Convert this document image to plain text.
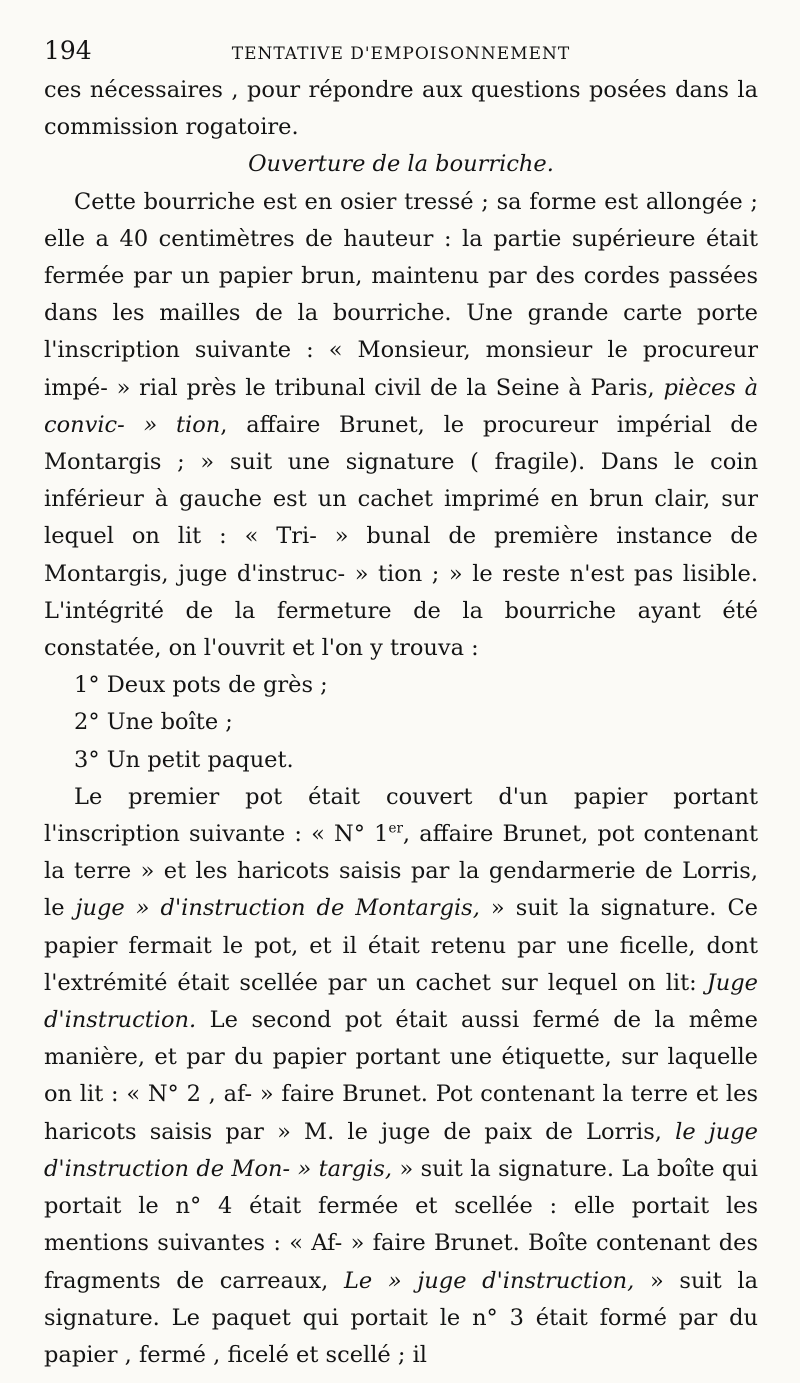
194	TENTATIVE D'EMPOISONNEMENT

ces nécessaires , pour répondre aux questions posées dans la commission rogatoire.

Ouverture de la bourriche.

Cette bourriche est en osier tressé ; sa forme est allongée ; elle a 40 centimètres de hauteur : la partie supérieure était fermée par un papier brun, maintenu par des cordes passées dans les mailles de la bourriche. Une grande carte porte l'inscription suivante : « Monsieur, monsieur le procureur impé- » rial près le tribunal civil de la Seine à Paris, pièces à convic- » tion, affaire Brunet, le procureur impérial de Montargis ; » suit une signature ( fragile). Dans le coin inférieur à gauche est un cachet imprimé en brun clair, sur lequel on lit : « Tri- » bunal de première instance de Montargis, juge d'instruc- » tion ; » le reste n'est pas lisible. L'intégrité de la fermeture de la bourriche ayant été constatée, on l'ouvrit et l'on y trouva :

1° Deux pots de grès ;

2° Une boîte ;

3° Un petit paquet.

Le premier pot était couvert d'un papier portant l'inscription suivante : « N° 1er, affaire Brunet, pot contenant la terre » et les haricots saisis par la gendarmerie de Lorris, le juge » d'instruction de Montargis, » suit la signature. Ce papier fermait le pot, et il était retenu par une ficelle, dont l'extrémité était scellée par un cachet sur lequel on lit: Juge d'instruction. Le second pot était aussi fermé de la même manière, et par du papier portant une étiquette, sur laquelle on lit : « N° 2 , af- » faire Brunet. Pot contenant la terre et les haricots saisis par » M. le juge de paix de Lorris, le juge d'instruction de Mon- » targis, » suit la signature. La boîte qui portait le n° 4 était fermée et scellée : elle portait les mentions suivantes : « Af- » faire Brunet. Boîte contenant des fragments de carreaux, Le » juge d'instruction, » suit la signature. Le paquet qui portait le n° 3 était formé par du papier , fermé , ficelé et scellé ; il
